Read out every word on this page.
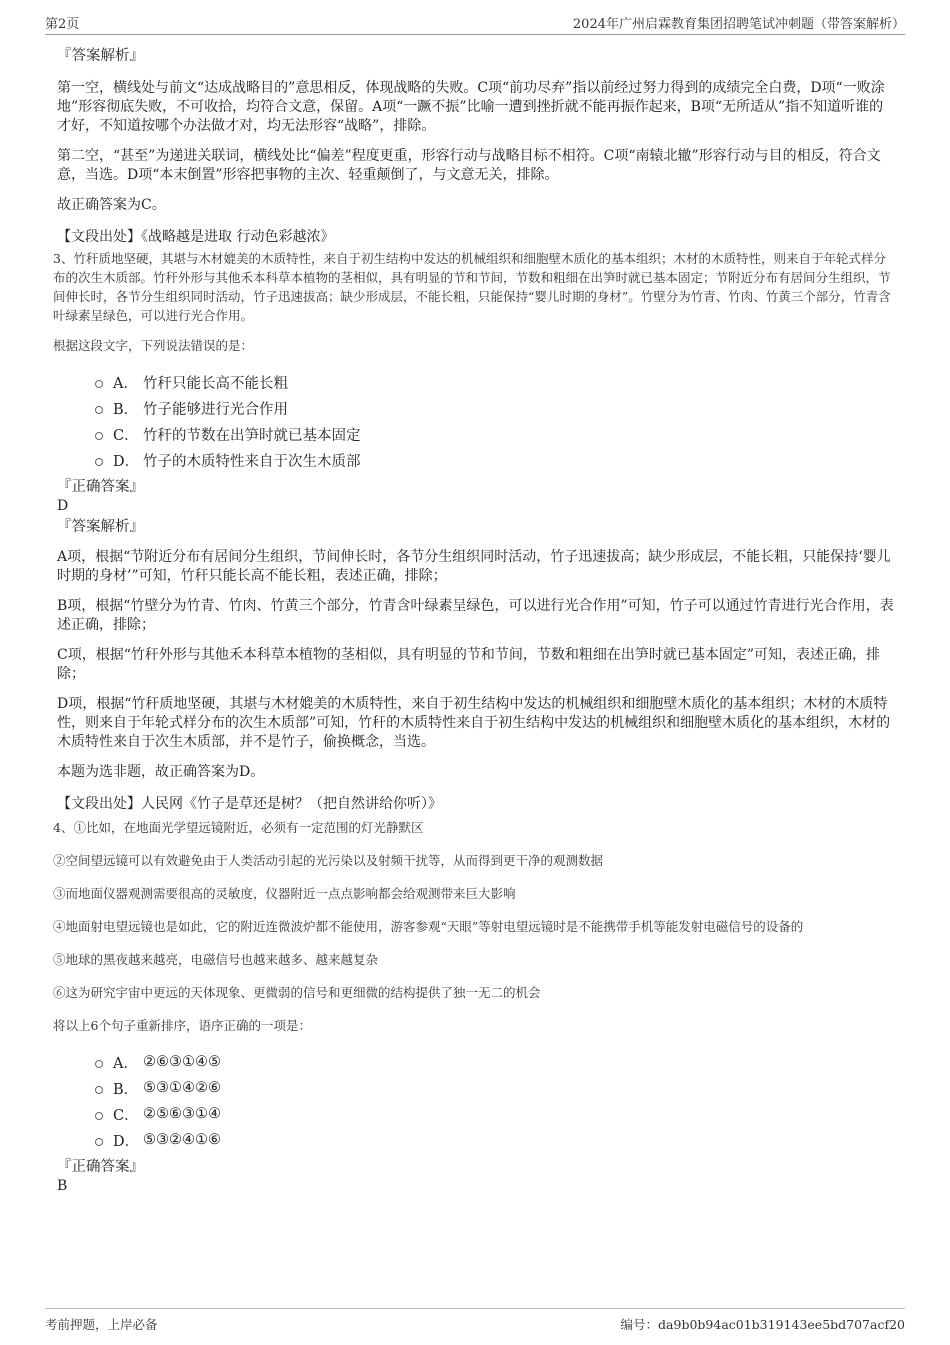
第2页	2024年广州启霖教育集团招聘笔试冲刺题（带答案解析）

『答案解析』

第一空，横线处与前文“达成战略目的”意思相反，体现战略的失败。C项“前功尽弃”指以前经过努力得到的成绩完全白费，D项“一败涂地”形容彻底失败，不可收拾，均符合文意，保留。A项“一蹶不振”比喻一遭到挫折就不能再振作起来，B项“无所适从”指不知道听谁的才好，不知道按哪个办法做才对，均无法形容“战略”，排除。

第二空，“甚至”为递进关联词，横线处比“偏差”程度更重，形容行动与战略目标不相符。C项“南辕北辙”形容行动与目的相反，符合文意，当选。D项“本末倒置”形容把事物的主次、轻重颠倒了，与文意无关，排除。

故正确答案为C。

【文段出处】《战略越是进取 行动色彩越浓》

3、竹秆质地坚硬，其堪与木材媲美的木质特性，来自于初生结构中发达的机械组织和细胞壁木质化的基本组织；木材的木质特性，则来自于年轮式样分布的次生木质部。竹秆外形与其他禾本科草本植物的茎相似，具有明显的节和节间，节数和粗细在出笋时就已基本固定；节附近分布有居间分生组织，节间伸长时，各节分生组织同时活动，竹子迅速拔高；缺少形成层，不能长粗，只能保持“婴儿时期的身材”。竹壁分为竹青、竹肉、竹黄三个部分，竹青含叶绿素呈绿色，可以进行光合作用。

根据这段文字，下列说法错误的是：

A． 竹秆只能长高不能长粗
B． 竹子能够进行光合作用
C． 竹秆的节数在出笋时就已基本固定
D． 竹子的木质特性来自于次生木质部

『正确答案』

D

『答案解析』

A项，根据“节附近分布有居间分生组织，节间伸长时，各节分生组织同时活动，竹子迅速拔高；缺少形成层，不能长粗，只能保持‘婴儿时期的身材’”可知，竹秆只能长高不能长粗，表述正确，排除；

B项，根据“竹壁分为竹青、竹肉、竹黄三个部分，竹青含叶绿素呈绿色，可以进行光合作用”可知，竹子可以通过竹青进行光合作用，表述正确，排除；

C项，根据“竹秆外形与其他禾本科草本植物的茎相似，具有明显的节和节间，节数和粗细在出笋时就已基本固定”可知，表述正确，排除；

D项，根据“竹秆质地坚硬，其堪与木材媲美的木质特性，来自于初生结构中发达的机械组织和细胞壁木质化的基本组织；木材的木质特性，则来自于年轮式样分布的次生木质部”可知，竹秆的木质特性来自于初生结构中发达的机械组织和细胞壁木质化的基本组织，木材的木质特性来自于次生木质部，并不是竹子，偷换概念，当选。

本题为选非题，故正确答案为D。

【文段出处】人民网《竹子是草还是树？（把自然讲给你听）》

4、①比如，在地面光学望远镜附近，必须有一定范围的灯光静默区

②空间望远镜可以有效避免由于人类活动引起的光污染以及射频干扰等，从而得到更干净的观测数据

③而地面仪器观测需要很高的灵敏度，仪器附近一点点影响都会给观测带来巨大影响

④地面射电望远镜也是如此，它的附近连微波炉都不能使用，游客参观“天眼”等射电望远镜时是不能携带手机等能发射电磁信号的设备的

⑤地球的黑夜越来越亮，电磁信号也越来越多、越来越复杂

⑥这为研究宇宙中更远的天体现象、更微弱的信号和更细微的结构提供了独一无二的机会

将以上6个句子重新排序，语序正确的一项是：

A． ②⑥③①④⑤
B． ⑤③①④②⑥
C． ②⑤⑥③①④
D． ⑤③②④①⑥

『正确答案』

B

考前押题，上岸必备	编号：da9b0b94ac01b319143ee5bd707acf20
